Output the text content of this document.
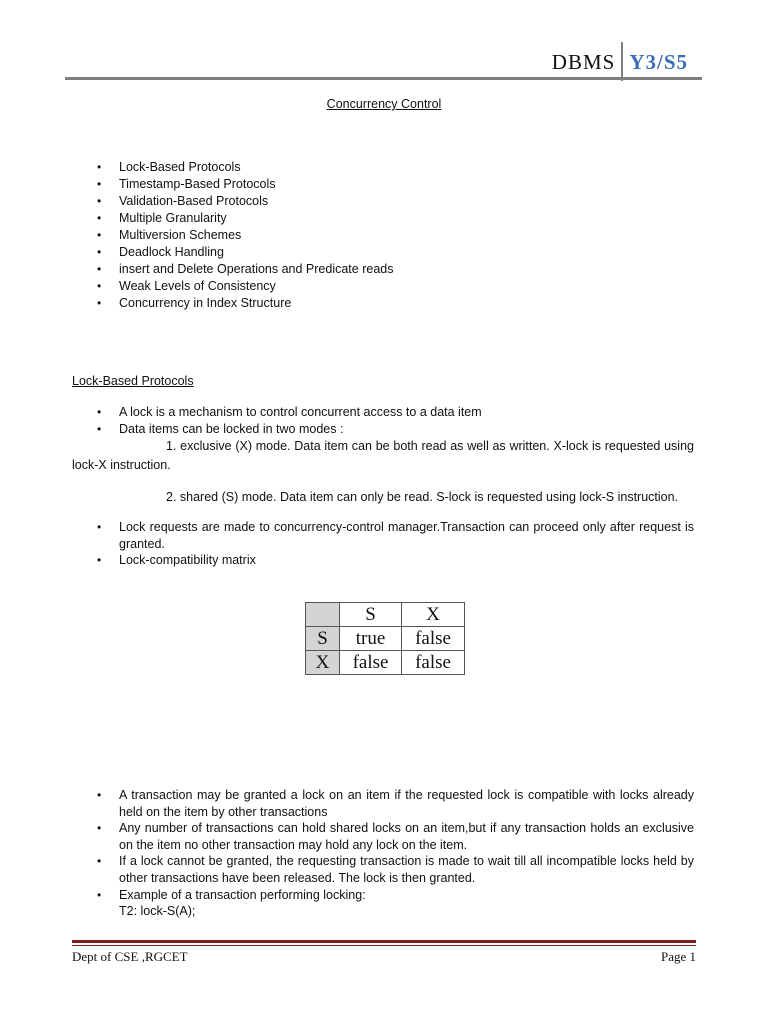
DBMS Y3/S5
Concurrency Control
• Lock-Based Protocols
• Timestamp-Based Protocols
• Validation-Based Protocols
• Multiple Granularity
• Multiversion Schemes
• Deadlock Handling
• insert and Delete Operations and Predicate reads
• Weak Levels of Consistency
• Concurrency in Index Structure
Lock-Based Protocols
• A lock is a mechanism to control concurrent access to a data item
• Data items can be locked in two modes :
1. exclusive (X) mode. Data item can be both read as well as written. X-lock is requested using lock-X instruction.
2. shared (S) mode. Data item can only be read. S-lock is requested using lock-S instruction.
• Lock requests are made to concurrency-control manager.Transaction can proceed only after request is granted.
• Lock-compatibility matrix
	S	X
S	true	false
X	false	false
• A transaction may be granted a lock on an item if the requested lock is compatible with locks already held on the item by other transactions
• Any number of transactions can hold shared locks on an item,but if any transaction holds an exclusive on the item no other transaction may hold any lock on the item.
• If a lock cannot be granted, the requesting transaction is made to wait till all incompatible locks held by other transactions have been released. The lock is then granted.
• Example of a transaction performing locking:
T2: lock-S(A);
Dept of CSE ,RGCET	Page 1
